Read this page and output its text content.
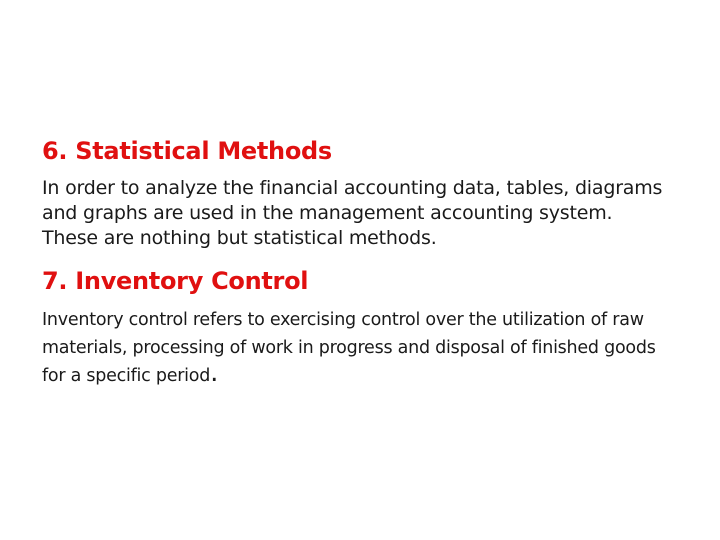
6. Statistical Methods

In order to analyze the financial accounting data, tables, diagrams and graphs are used in the management accounting system. These are nothing but statistical methods.

7. Inventory Control

Inventory control refers to exercising control over the utilization of raw materials, processing of work in progress and disposal of finished goods for a specific period.
